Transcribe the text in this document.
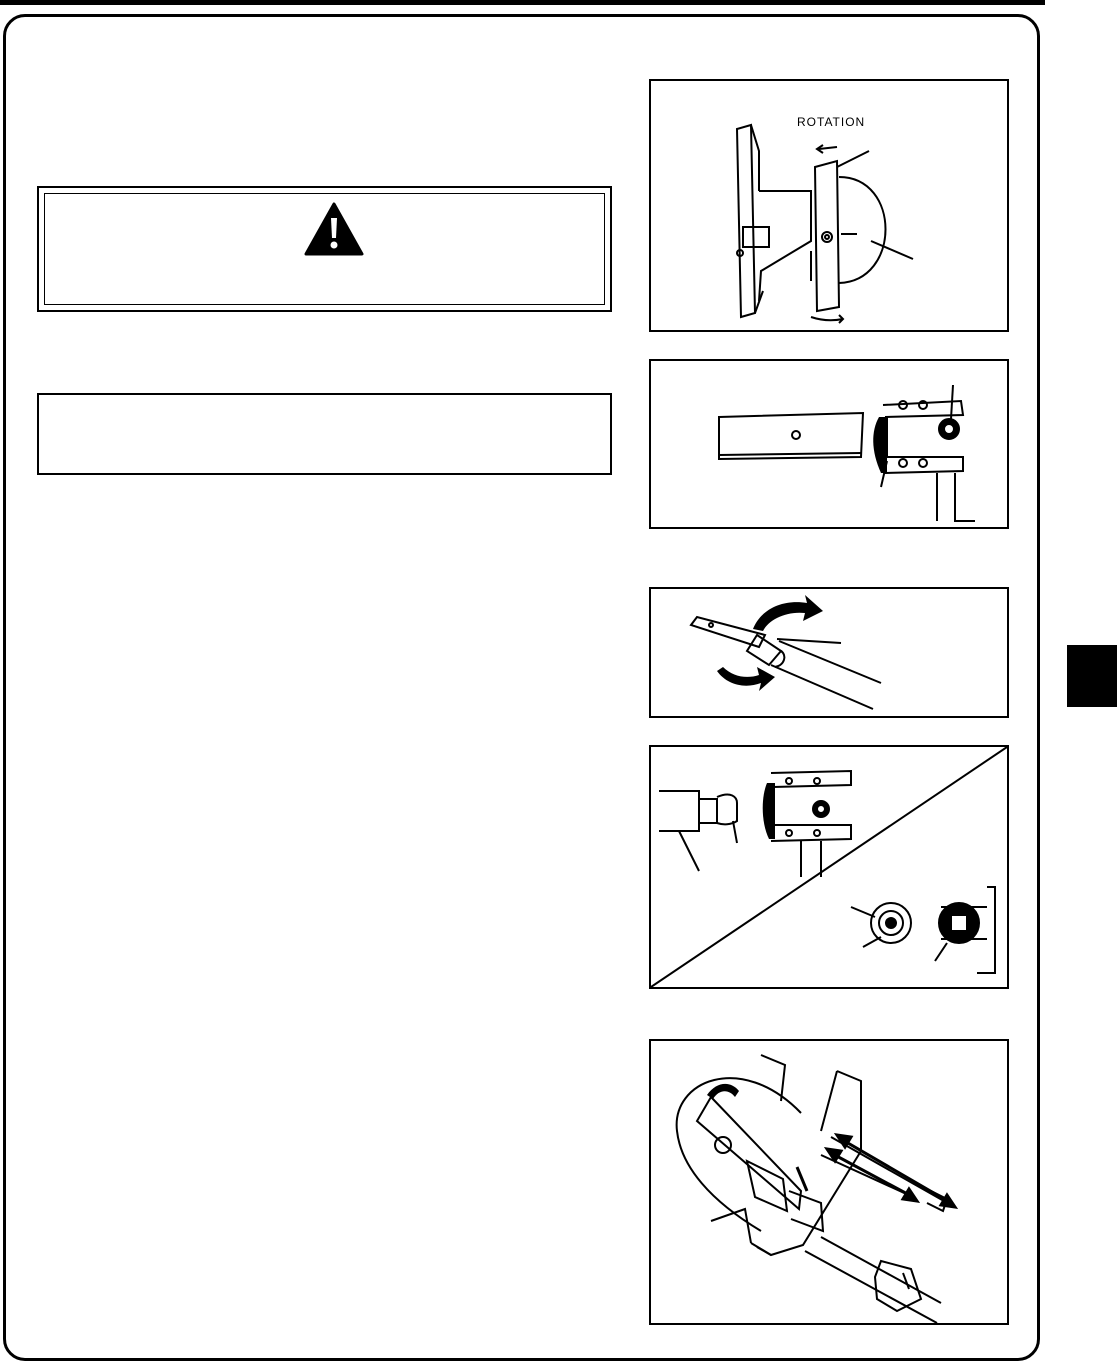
ROTATION
